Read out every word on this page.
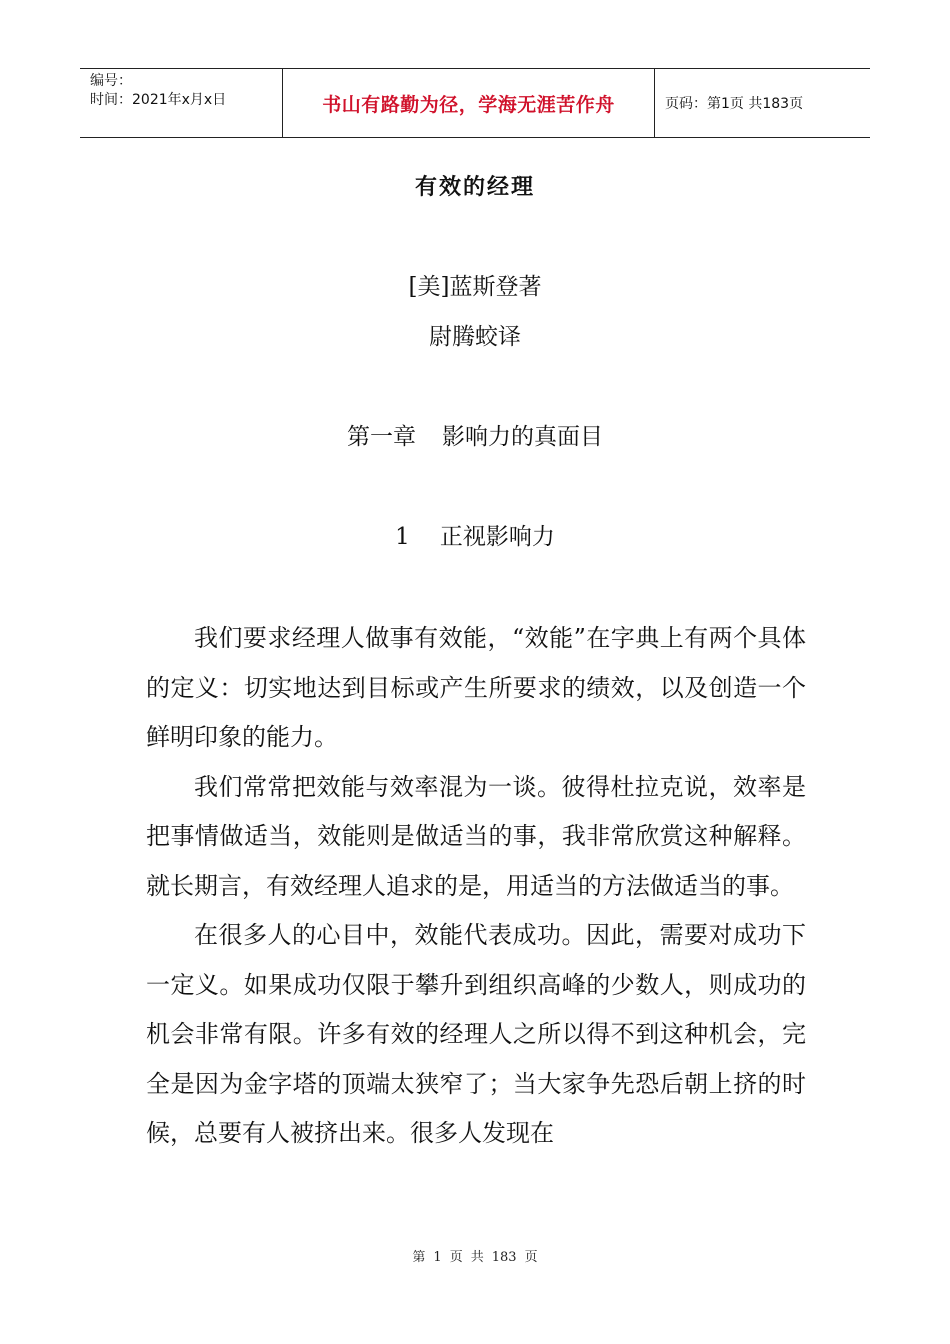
编号：
时间：2021年x月x日	书山有路勤为径，学海无涯苦作舟	页码：第1页 共183页
有效的经理
[美]蓝斯登著
尉腾蛟译
第一章 影响力的真面目
1 正视影响力

我们要求经理人做事有效能，“效能”在字典上有两个具体的定义：切实地达到目标或产生所要求的绩效，以及创造一个鲜明印象的能力。

我们常常把效能与效率混为一谈。彼得杜拉克说，效率是把事情做适当，效能则是做适当的事，我非常欣赏这种解释。就长期言，有效经理人追求的是，用适当的方法做适当的事。

在很多人的心目中，效能代表成功。因此，需要对成功下一定义。如果成功仅限于攀升到组织高峰的少数人，则成功的机会非常有限。许多有效的经理人之所以得不到这种机会，完全是因为金字塔的顶端太狭窄了；当大家争先恐后朝上挤的时候，总要有人被挤出来。很多人发现在

第 1 页 共 183 页
